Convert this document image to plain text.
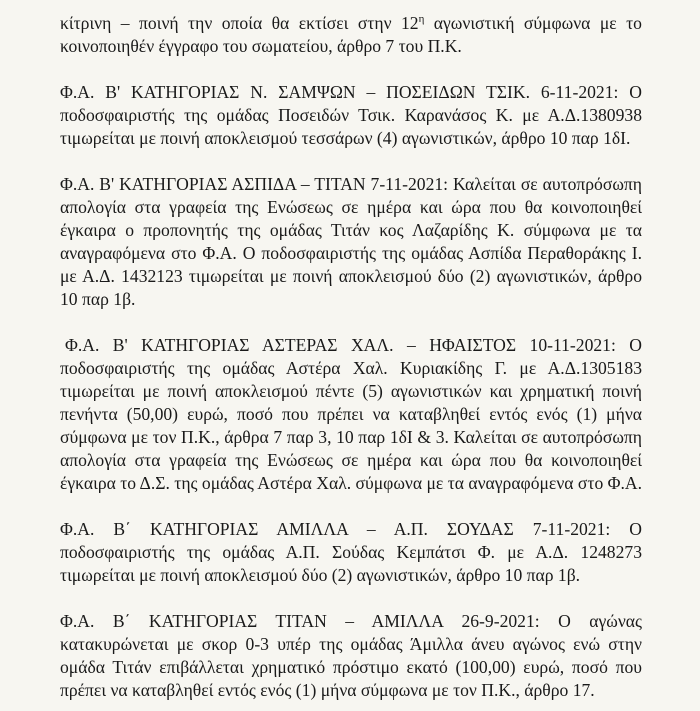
κίτρινη – ποινή την οποία θα εκτίσει στην $12^\eta$ αγωνιστική σύμφωνα με το κοινοποιηθέν έγγραφο του σωματείου, άρθρο 7 του Π.Κ.

Φ.Α. Β' ΚΑΤΗΓΟΡΙΑΣ Ν. ΣΑΜΨΩΝ – ΠΟΣΕΙΔΩΝ ΤΣΙΚ. 6-11-2021: Ο ποδοσφαιριστής της ομάδας Ποσειδών Τσικ. Καρανάσος Κ. με Α.Δ.1380938 τιμωρείται με ποινή αποκλεισμού τεσσάρων (4) αγωνιστικών, άρθρο 10 παρ 1δΙ.

Φ.Α. Β' ΚΑΤΗΓΟΡΙΑΣ ΑΣΠΙΔΑ – ΤΙΤΑΝ 7-11-2021: Καλείται σε αυτοπρόσωπη απολογία στα γραφεία της Ενώσεως σε ημέρα και ώρα που θα κοινοποιηθεί έγκαιρα ο προπονητής της ομάδας Τιτάν κος Λαζαρίδης Κ. σύμφωνα με τα αναγραφόμενα στο Φ.Α. Ο ποδοσφαιριστής της ομάδας Ασπίδα Περαθοράκης Ι. με Α.Δ. 1432123 τιμωρείται με ποινή αποκλεισμού δύο (2) αγωνιστικών, άρθρο 10 παρ 1β.

Φ.Α. Β' ΚΑΤΗΓΟΡΙΑΣ ΑΣΤΕΡΑΣ ΧΑΛ. – ΗΦΑΙΣΤΟΣ 10-11-2021: Ο ποδοσφαιριστής της ομάδας Αστέρα Χαλ. Κυριακίδης Γ. με Α.Δ.1305183 τιμωρείται με ποινή αποκλεισμού πέντε (5) αγωνιστικών και χρηματική ποινή πενήντα (50,00) ευρώ, ποσό που πρέπει να καταβληθεί εντός ενός (1) μήνα σύμφωνα με τον Π.Κ., άρθρα 7 παρ 3, 10 παρ 1δΙ & 3. Καλείται σε αυτοπρόσωπη απολογία στα γραφεία της Ενώσεως σε ημέρα και ώρα που θα κοινοποιηθεί έγκαιρα το Δ.Σ. της ομάδας Αστέρα Χαλ. σύμφωνα με τα αναγραφόμενα στο Φ.Α.

Φ.Α. Β΄ ΚΑΤΗΓΟΡΙΑΣ ΑΜΙΛΛΑ – Α.Π. ΣΟΥΔΑΣ 7-11-2021: Ο ποδοσφαιριστής της ομάδας Α.Π. Σούδας Κεμπάτσι Φ. με Α.Δ. 1248273 τιμωρείται με ποινή αποκλεισμού δύο (2) αγωνιστικών, άρθρο 10 παρ 1β.

Φ.Α. Β΄ ΚΑΤΗΓΟΡΙΑΣ ΤΙΤΑΝ – ΑΜΙΛΛΑ 26-9-2021: Ο αγώνας κατακυρώνεται με σκορ 0-3 υπέρ της ομάδας Άμιλλα άνευ αγώνος ενώ στην ομάδα Τιτάν επιβάλλεται χρηματικό πρόστιμο εκατό (100,00) ευρώ, ποσό που πρέπει να καταβληθεί εντός ενός (1) μήνα σύμφωνα με τον Π.Κ., άρθρο 17.
